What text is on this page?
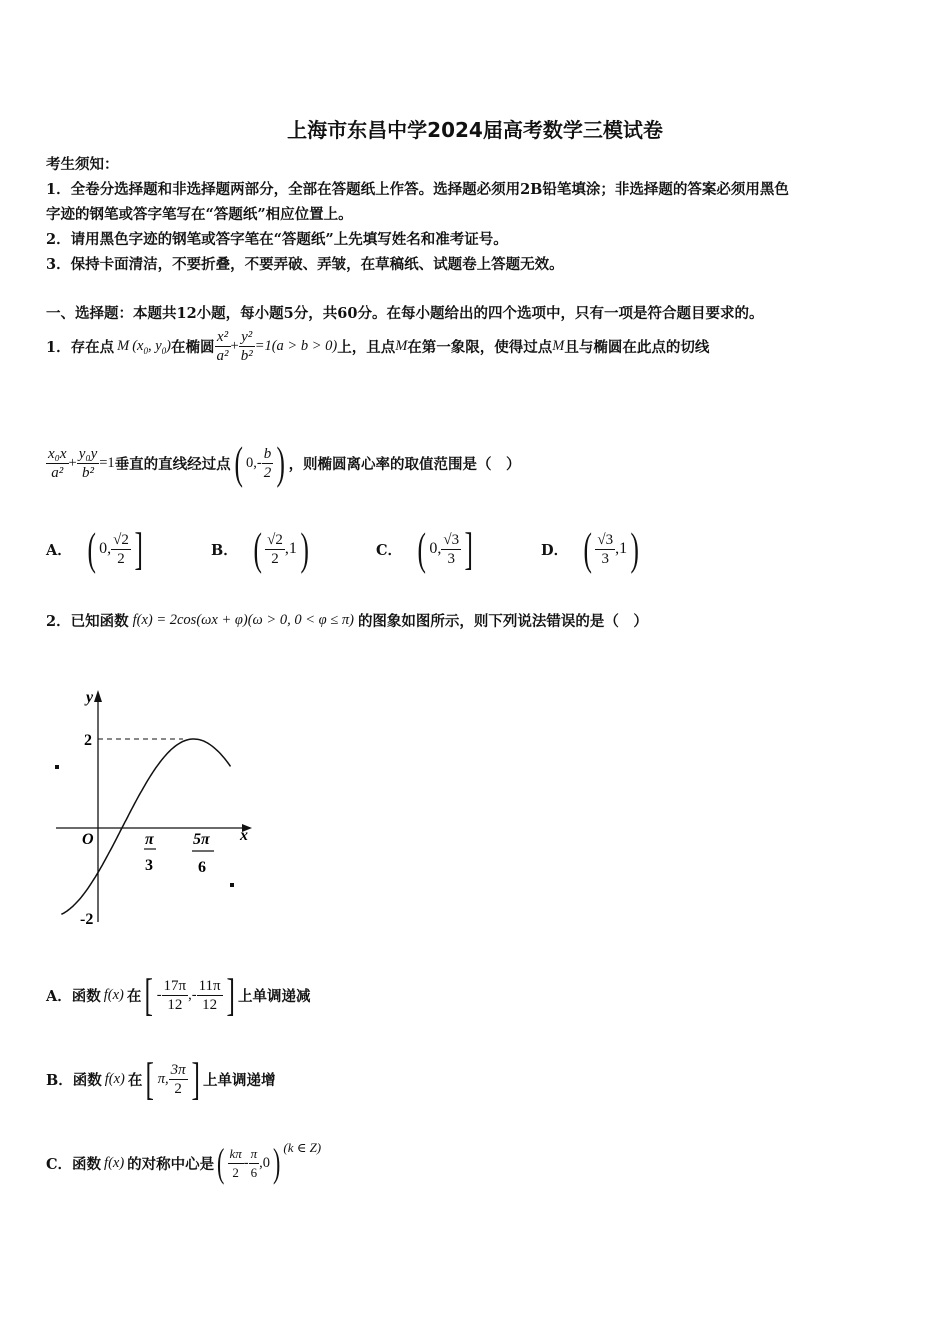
上海市东昌中学2024届高考数学三模试卷
考生须知：
1．全卷分选择题和非选择题两部分，全部在答题纸上作答。选择题必须用2B铅笔填涂；非选择题的答案必须用黑色
字迹的钢笔或答字笔写在“答题纸”相应位置上。
2．请用黑色字迹的钢笔或答字笔在“答题纸”上先填写姓名和准考证号。
3．保持卡面清洁，不要折叠，不要弄破、弄皱，在草稿纸、试题卷上答题无效。
一、选择题：本题共12小题，每小题5分，共60分。在每小题给出的四个选项中，只有一项是符合题目要求的。
1．存在点 M ($x_0$, $y_0$) 在椭圆 $\frac{\text{x²}}{\text{a²}} + \frac{\text{y²}}{\text{b²}} =1(a > b > 0)$ 上，且点 M 在第一象限，使得过点 M 且与椭圆在此点的切线
$\frac{\text{x₀x}}{\text{a²}} + \frac{\text{y₀y}}{\text{b²}} =1$ 垂直的直线经过点 ( $0,- \frac{b}{2}$ ) ，则椭圆离心率的取值范围是（　）
A． ( 0, $\frac{√2}{2}$ ]	B． ( $\frac{√2}{2} ,1$ )	C． ( 0, $\frac{√3}{3}$ ]	D． ( $\frac{√3}{3} ,1$ )
2．已知函数 f(x) = 2cos(ωx + φ)(ω > 0, 0 < φ ≤ π) 的图象如图所示，则下列说法错误的是（　）
y
x
O
2
-2
π
3
5π
6
A．函数 f(x) 在 [ - $\frac{17\pi}{12}$ ,- $\frac{11\pi}{12}$ ] 上单调递减
B．函数 f(x) 在 [ π, $\frac{3\pi}{2}$ ] 上单调递增
C．函数 f(x) 的对称中心是 ( $\frac{k\pi}{2} - \frac{\pi}{6} ,0$ ) (k ∈ Z)
